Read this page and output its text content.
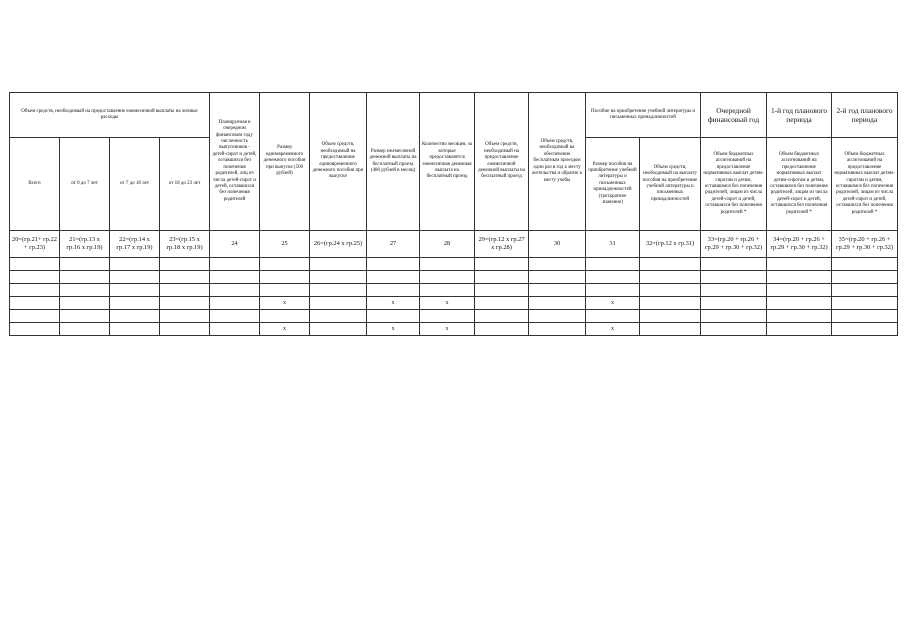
Объем средств, необходимый на предоставление ежемесячной выплаты на личные расходы				Планируемая в очередном финансовом году численность выпускников - детей-сирот и детей, оставшихся без попечения родителей, лиц из числа детей-сирот и детей, оставшихся без попечения родителей	Размер единовременного денежного пособия при выпуске (500 рублей)	Объем средств, необходимый на предоставление единовременного денежного пособия при выпуске	Размер ежемесячной денежной выплаты на бесплатный проезд (480 рублей в месяц)	Количество месяцев, за которые предоставляется ежемесячная денежная выплата на бесплатный проезд	Объем средств, необходимый на предоставление ежемесячной денежной выплаты на бесплатный проезд	Объем средств, необходимый на обеспечение бесплатным проездом один раз в год к месту жительства и обратно к месту учебы	Пособие на приобретение учебной литературы и письменных принадлежностей		Очередной финансовый год	1-й год планового периода	2-й год планового периода
Всего	от 0 до 7 лет	от 7 до 18 лет	от 18 до 23 лет								Размер пособия на приобретение учебной литературы и письменных принадлежностей (трехкратное значение)	Объем средств, необходимый на выплату пособия на приобретение учебной литературы и письменных принадлежностей	Объем бюджетных ассигнований на предоставление нормативных выплат детям-сиротам и детям, оставшимся без попечения родителей, лицам из числа детей-сирот и детей, оставшихся без попечения родителей *	Объем бюджетных ассигнований на предоставление нормативных выплат детям-сиротам и детям, оставшимся без попечения родителей, лицам из числа детей-сирот и детей, оставшихся без попечения родителей *	Объем бюджетных ассигнований на предоставление нормативных выплат детям-сиротам и детям, оставшимся без попечения родителей, лицам из числа детей-сирот и детей, оставшихся без попечения родителей *
20=(гр.21+ гр.22 + гр.23)	21=(гр.13 х гр.16 х гр.19)	22=(гр.14 х гр.17 х гр.19)	23=(гр.15 х гр.18 х гр.19)	24	25	26=(гр.24 х гр.25)	27	28	29=(гр.12 х гр.27 х гр.28)	30	31	32=(гр.12 х гр.31)	33=(гр.20 + гр.26 + гр.29 + гр.30 + гр.32)	34=(гр.20 + гр.26 + гр.29 + гр.30 + гр.32)	35=(гр.20 + гр.26 + гр.29 + гр.30 + гр.32)

					х		х	х			х				

					х		х	х			х				
